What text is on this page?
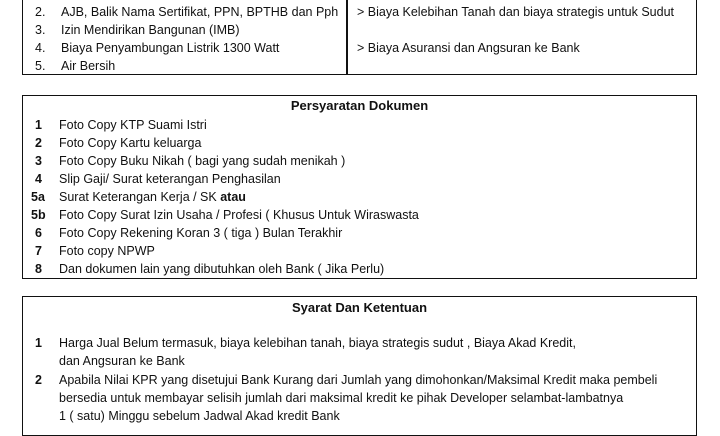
2. AJB, Balik Nama Sertifikat, PPN, BPTHB dan Pph
3. Izin Mendirikan Bangunan (IMB)
4. Biaya Penyambungan Listrik 1300 Watt
5. Air Bersih
> Biaya Kelebihan Tanah dan biaya strategis untuk Sudut
> Biaya Asuransi dan Angsuran ke Bank
Persyaratan Dokumen
1 Foto Copy KTP Suami Istri
2 Foto Copy Kartu keluarga
3 Foto Copy Buku Nikah ( bagi yang sudah menikah )
4 Slip Gaji/ Surat keterangan Penghasilan
5a Surat Keterangan Kerja / SK atau
5b Foto Copy Surat Izin Usaha / Profesi ( Khusus Untuk Wiraswasta
6 Foto Copy Rekening Koran 3 ( tiga ) Bulan Terakhir
7 Foto copy NPWP
8 Dan dokumen lain yang dibutuhkan oleh Bank ( Jika Perlu)
Syarat Dan Ketentuan
1 Harga Jual Belum termasuk, biaya kelebihan tanah, biaya strategis sudut , Biaya Akad Kredit,
dan Angsuran ke Bank
2 Apabila Nilai KPR yang disetujui Bank Kurang dari Jumlah yang dimohonkan/Maksimal Kredit maka pembeli
bersedia untuk membayar selisih jumlah dari maksimal kredit ke pihak Developer selambat-lambatnya
1 ( satu) Minggu sebelum Jadwal Akad kredit Bank
